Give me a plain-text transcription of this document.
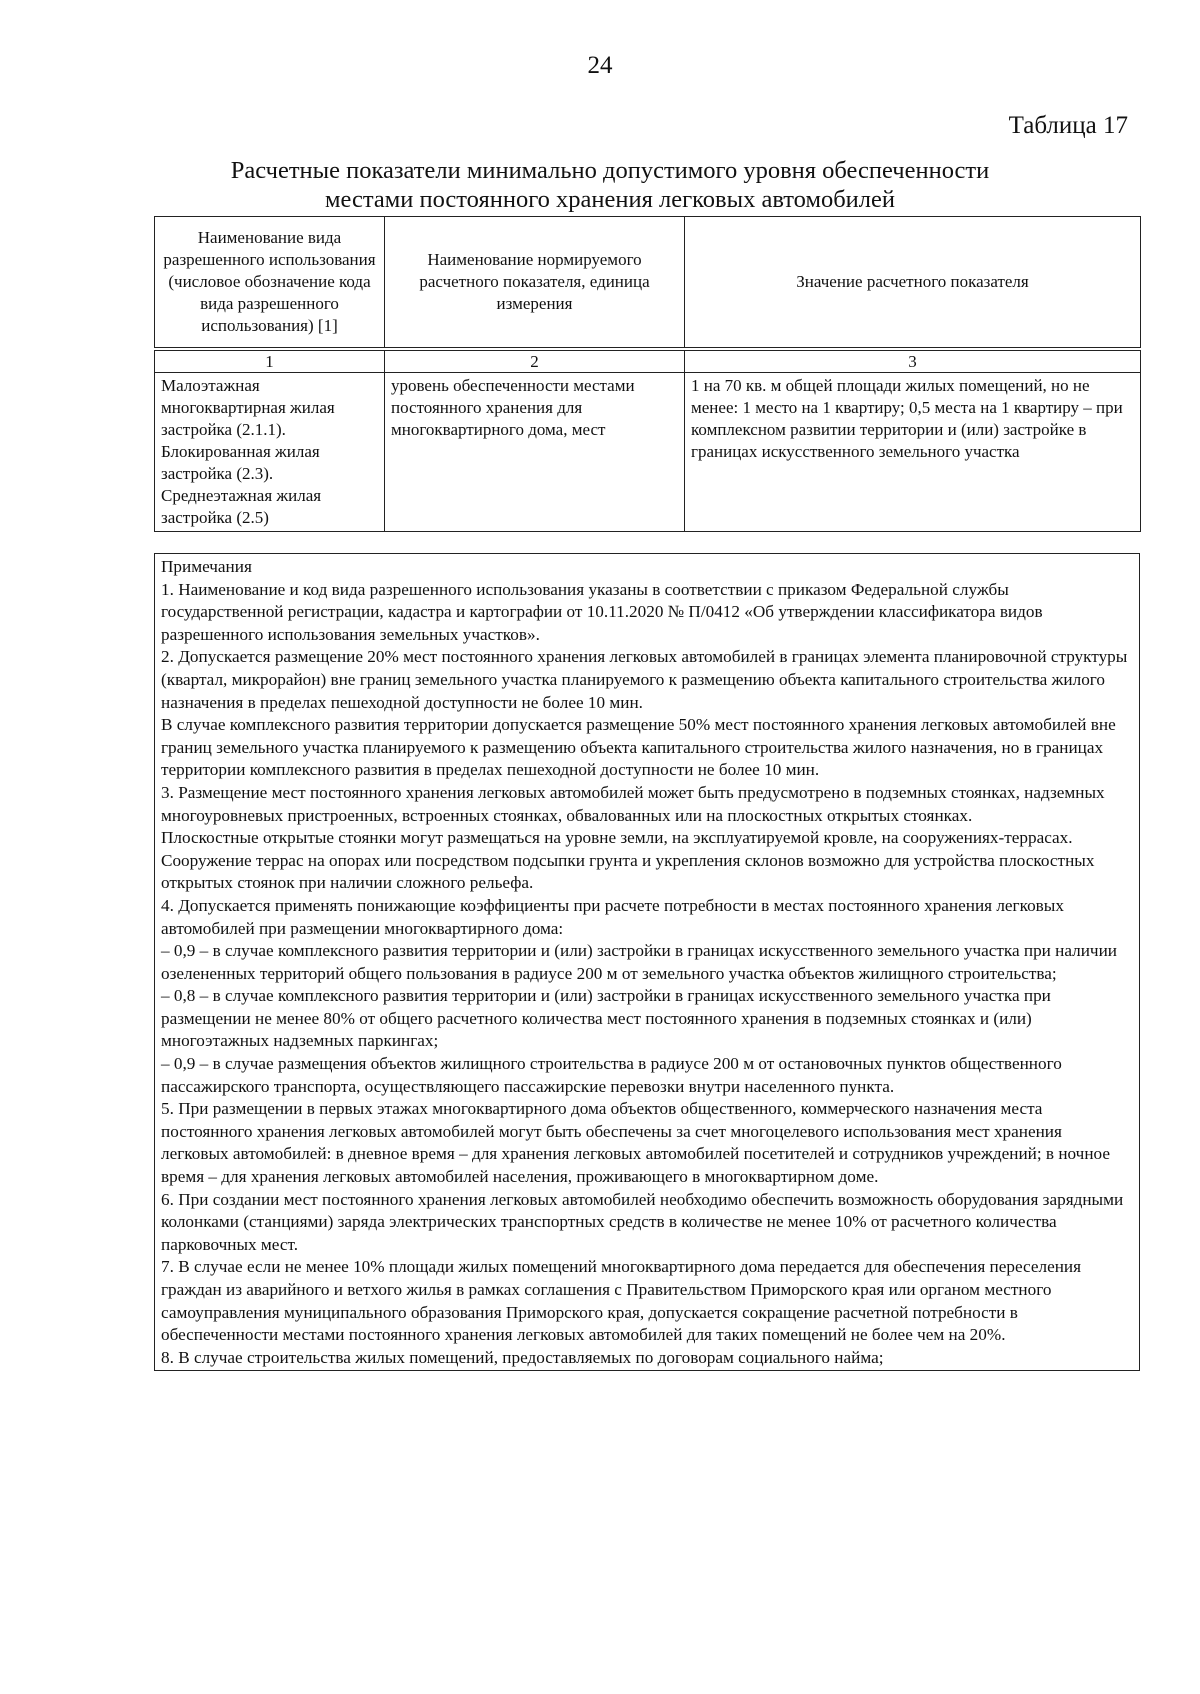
24
Таблица 17
Расчетные показатели минимально допустимого уровня обеспеченности
местами постоянного хранения легковых автомобилей
Наименование вида разрешенного использования (числовое обозначение кода вида разрешенного использования) [1]	Наименование нормируемого расчетного показателя, единица измерения	Значение расчетного показателя

1	2	3
Малоэтажная многоквартирная жилая застройка (2.1.1). Блокированная жилая застройка (2.3). Среднеэтажная жилая застройка (2.5)	уровень обеспеченности местами постоянного хранения для многоквартирного дома, мест	1 на 70 кв. м общей площади жилых помещений, но не менее: 1 место на 1 квартиру; 0,5 места на 1 квартиру – при комплексном развитии территории и (или) застройке в границах искусственного земельного участка

Примечания

1. Наименование и код вида разрешенного использования указаны в соответствии с приказом Федеральной службы государственной регистрации, кадастра и картографии от 10.11.2020 № П/0412 «Об утверждении классификатора видов разрешенного использования земельных участков».

2. Допускается размещение 20% мест постоянного хранения легковых автомобилей в границах элемента планировочной структуры (квартал, микрорайон) вне границ земельного участка планируемого к размещению объекта капитального строительства жилого назначения в пределах пешеходной доступности не более 10 мин.

В случае комплексного развития территории допускается размещение 50% мест постоянного хранения легковых автомобилей вне границ земельного участка планируемого к размещению объекта капитального строительства жилого назначения, но в границах территории комплексного развития в пределах пешеходной доступности не более 10 мин.

3. Размещение мест постоянного хранения легковых автомобилей может быть предусмотрено в подземных стоянках, надземных многоуровневых пристроенных, встроенных стоянках, обвалованных или на плоскостных открытых стоянках.

Плоскостные открытые стоянки могут размещаться на уровне земли, на эксплуатируемой кровле, на сооружениях-террасах. Сооружение террас на опорах или посредством подсыпки грунта и укрепления склонов возможно для устройства плоскостных открытых стоянок при наличии сложного рельефа.

4. Допускается применять понижающие коэффициенты при расчете потребности в местах постоянного хранения легковых автомобилей при размещении многоквартирного дома:

– 0,9 – в случае комплексного развития территории и (или) застройки в границах искусственного земельного участка при наличии озелененных территорий общего пользования в радиусе 200 м от земельного участка объектов жилищного строительства;

– 0,8 – в случае комплексного развития территории и (или) застройки в границах искусственного земельного участка при размещении не менее 80% от общего расчетного количества мест постоянного хранения в подземных стоянках и (или) многоэтажных надземных паркингах;

– 0,9 – в случае размещения объектов жилищного строительства в радиусе 200 м от остановочных пунктов общественного пассажирского транспорта, осуществляющего пассажирские перевозки внутри населенного пункта.

5. При размещении в первых этажах многоквартирного дома объектов общественного, коммерческого назначения места постоянного хранения легковых автомобилей могут быть обеспечены за счет многоцелевого использования мест хранения легковых автомобилей: в дневное время – для хранения легковых автомобилей посетителей и сотрудников учреждений; в ночное время – для хранения легковых автомобилей населения, проживающего в многоквартирном доме.

6. При создании мест постоянного хранения легковых автомобилей необходимо обеспечить возможность оборудования зарядными колонками (станциями) заряда электрических транспортных средств в количестве не менее 10% от расчетного количества парковочных мест.

7. В случае если не менее 10% площади жилых помещений многоквартирного дома передается для обеспечения переселения граждан из аварийного и ветхого жилья в рамках соглашения с Правительством Приморского края или органом местного самоуправления муниципального образования Приморского края, допускается сокращение расчетной потребности в обеспеченности местами постоянного хранения легковых автомобилей для таких помещений не более чем на 20%.

8. В случае строительства жилых помещений, предоставляемых по договорам социального найма;
